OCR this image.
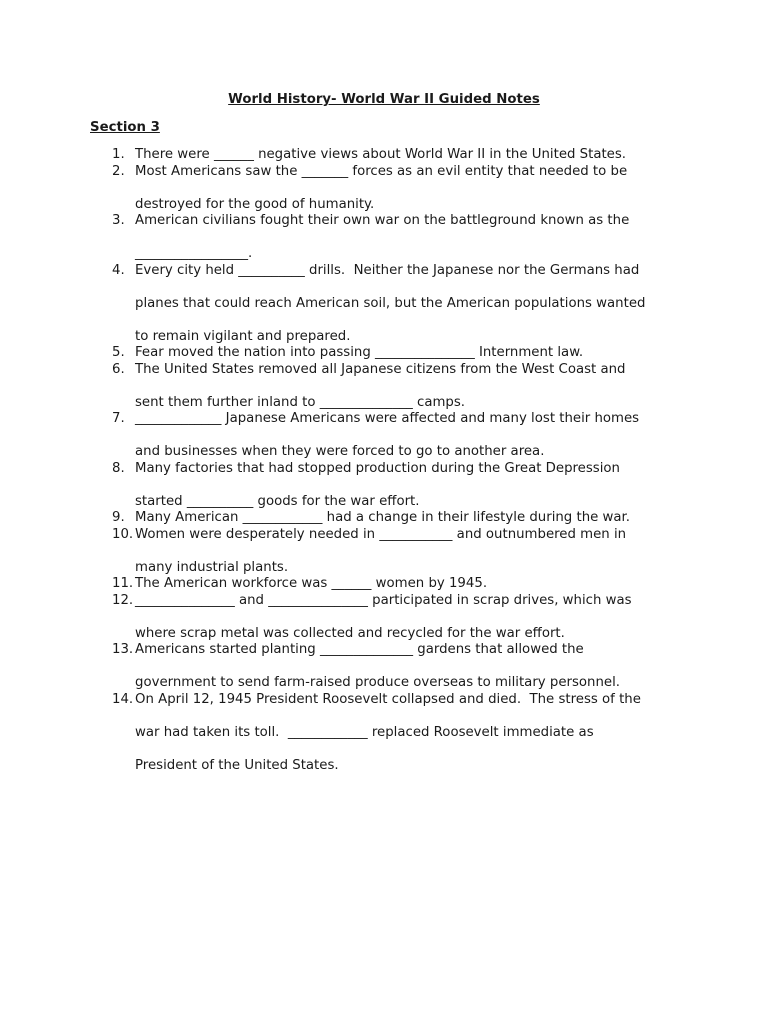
World History- World War II Guided Notes
Section 3
1. There were ______ negative views about World War II in the United States.
2. Most Americans saw the _______ forces as an evil entity that needed to be
destroyed for the good of humanity.
3. American civilians fought their own war on the battleground known as the
_________________.
4. Every city held __________ drills.  Neither the Japanese nor the Germans had
planes that could reach American soil, but the American populations wanted
to remain vigilant and prepared.
5. Fear moved the nation into passing _______________ Internment law.
6. The United States removed all Japanese citizens from the West Coast and
sent them further inland to ______________ camps.
7. _____________ Japanese Americans were affected and many lost their homes
and businesses when they were forced to go to another area.
8. Many factories that had stopped production during the Great Depression
started __________ goods for the war effort.
9. Many American ____________ had a change in their lifestyle during the war.
10. Women were desperately needed in ___________ and outnumbered men in
many industrial plants.
11. The American workforce was ______ women by 1945.
12. _______________ and _______________ participated in scrap drives, which was
where scrap metal was collected and recycled for the war effort.
13. Americans started planting ______________ gardens that allowed the
government to send farm-raised produce overseas to military personnel.
14. On April 12, 1945 President Roosevelt collapsed and died.  The stress of the
war had taken its toll.  ____________ replaced Roosevelt immediate as
President of the United States.
